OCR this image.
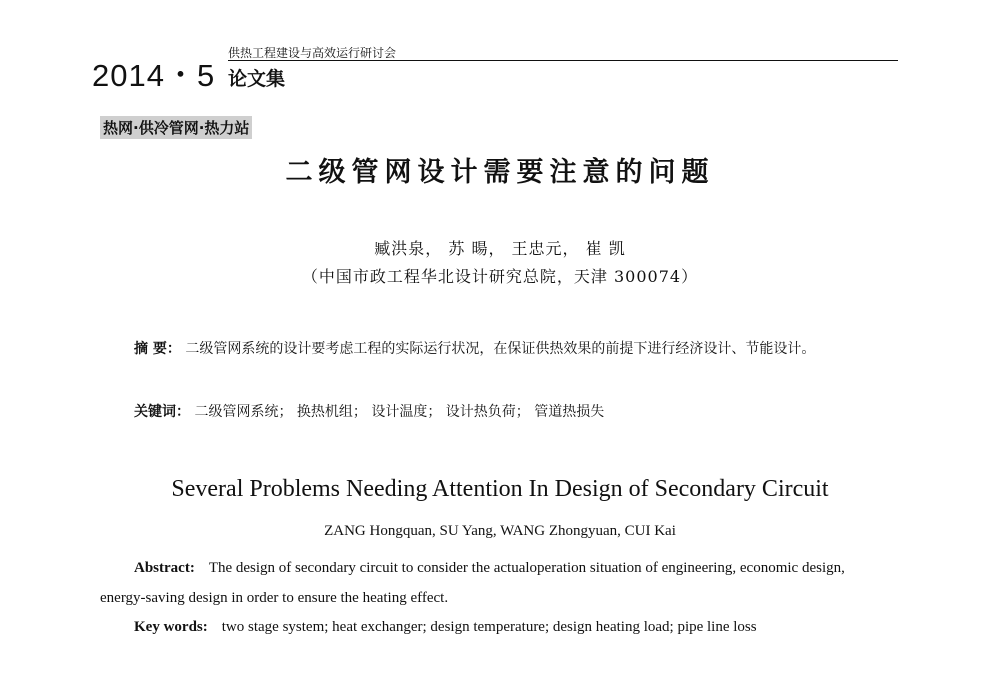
2014・5
供热工程建设与高效运行研讨会
论文集
热网·供冷管网·热力站
二级管网设计需要注意的问题
臧洪泉， 苏 暘， 王忠元， 崔 凯
（中国市政工程华北设计研究总院，天津 300074）
摘 要： 二级管网系统的设计要考虑工程的实际运行状况，在保证供热效果的前提下进行经济设计、节能设计。
关键词： 二级管网系统； 换热机组； 设计温度； 设计热负荷； 管道热损失
Several Problems Needing Attention In Design of Secondary Circuit
ZANG Hongquan, SU Yang, WANG Zhongyuan, CUI Kai
Abstract: The design of secondary circuit to consider the actualoperation situation of engineering, economic design, energy-saving design in order to ensure the heating effect.
Key words: two stage system; heat exchanger; design temperature; design heating load; pipe line loss
